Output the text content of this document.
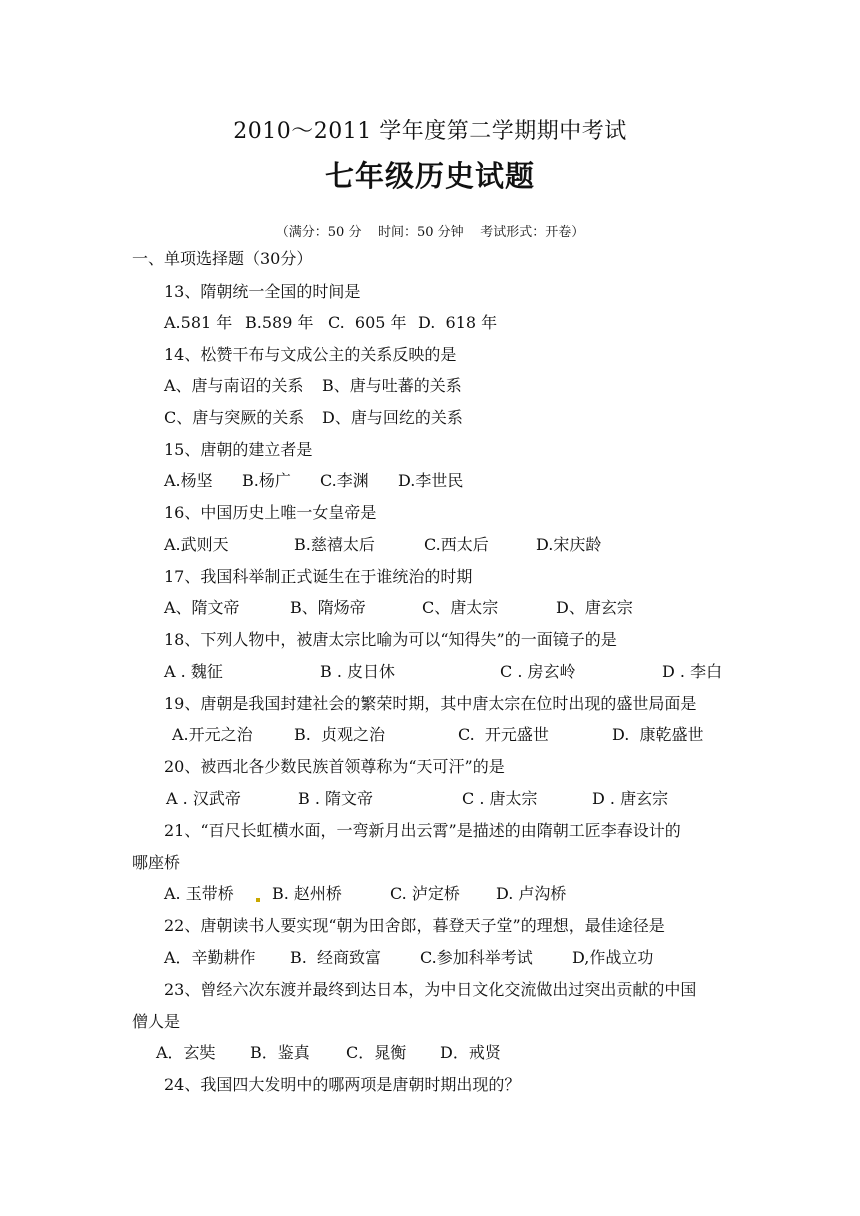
2010～2011 学年度第二学期期中考试
七年级历史试题
（满分：50 分    时间：50 分钟    考试形式：开卷）
一、单项选择题（30分）
13、隋朝统一全国的时间是
A.581 年 B.589 年 C.  605 年 D.  618 年
14、松赞干布与文成公主的关系反映的是
A、唐与南诏的关系 B、唐与吐蕃的关系
C、唐与突厥的关系 D、唐与回纥的关系
15、唐朝的建立者是
A.杨坚 B.杨广 C.李渊 D.李世民
16、中国历史上唯一女皇帝是
A.武则天	B.慈禧太后	C.西太后	D.宋庆龄
17、我国科举制正式诞生在于谁统治的时期
A、隋文帝	B、隋炀帝	C、唐太宗	D、唐玄宗
18、下列人物中，被唐太宗比喻为可以“知得失”的一面镜子的是
A . 魏征	B . 皮日休	C . 房玄岭	D . 李白
19、唐朝是我国封建社会的繁荣时期，其中唐太宗在位时出现的盛世局面是
A.开元之治	B.  贞观之治	C.  开元盛世	D.  康乾盛世
20、被西北各少数民族首领尊称为“天可汗”的是
A . 汉武帝	B . 隋文帝	C . 唐太宗	D . 唐玄宗
21、“百尺长虹横水面，一弯新月出云霄”是描述的由隋朝工匠李春设计的
哪座桥
A. 玉带桥 B. 赵州桥	C. 泸定桥 D. 卢沟桥
22、唐朝读书人要实现“朝为田舍郎，暮登天子堂”的理想，最佳途径是
A．辛勤耕作 B.  经商致富 C.参加科举考试 D,作战立功
23、曾经六次东渡并最终到达日本，为中日文化交流做出过突出贡献的中国
僧人是
A．玄奘 B．鉴真 C．晁衡 D．戒贤
24、我国四大发明中的哪两项是唐朝时期出现的？
